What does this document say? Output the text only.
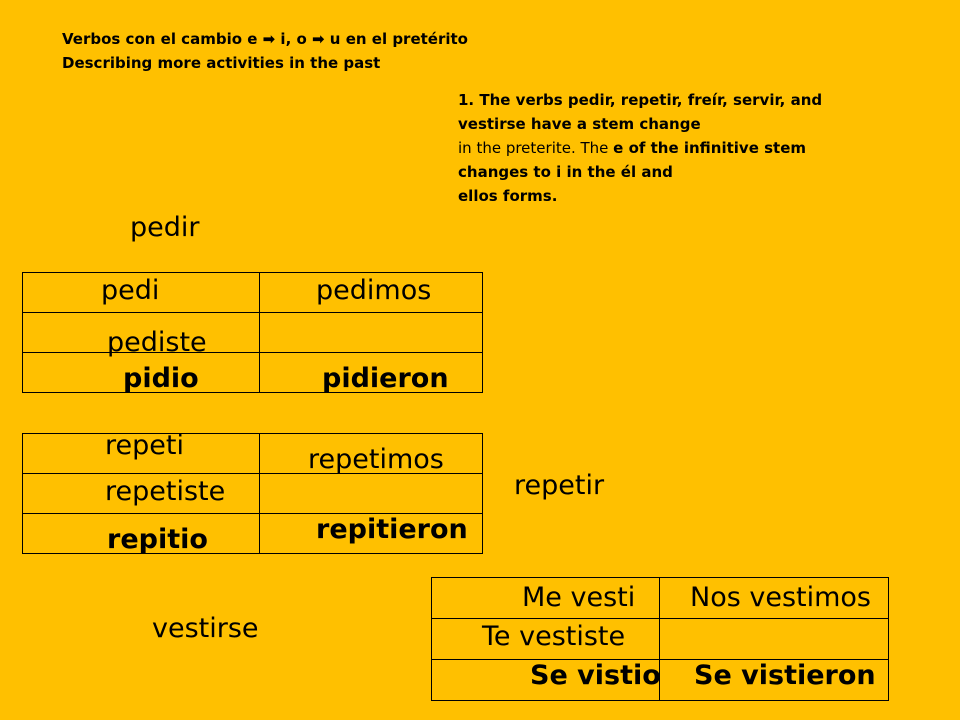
Verbos con el cambio e ➡ i, o ➡ u en el pretérito
Describing more activities in the past
1. The verbs pedir, repetir, freír, servir, and
vestirse have a stem change
in the preterite. The e of the infinitive stem
changes to i in the él and
ellos forms.
pedir
pedi	pedimos

pediste	

pidio	pidieron
repetir
repeti	repetimos

repetiste	

repitio	repitieron
vestirse
Me vesti	Nos vestimos

Te vestiste	

Se vistio	Se vistieron
